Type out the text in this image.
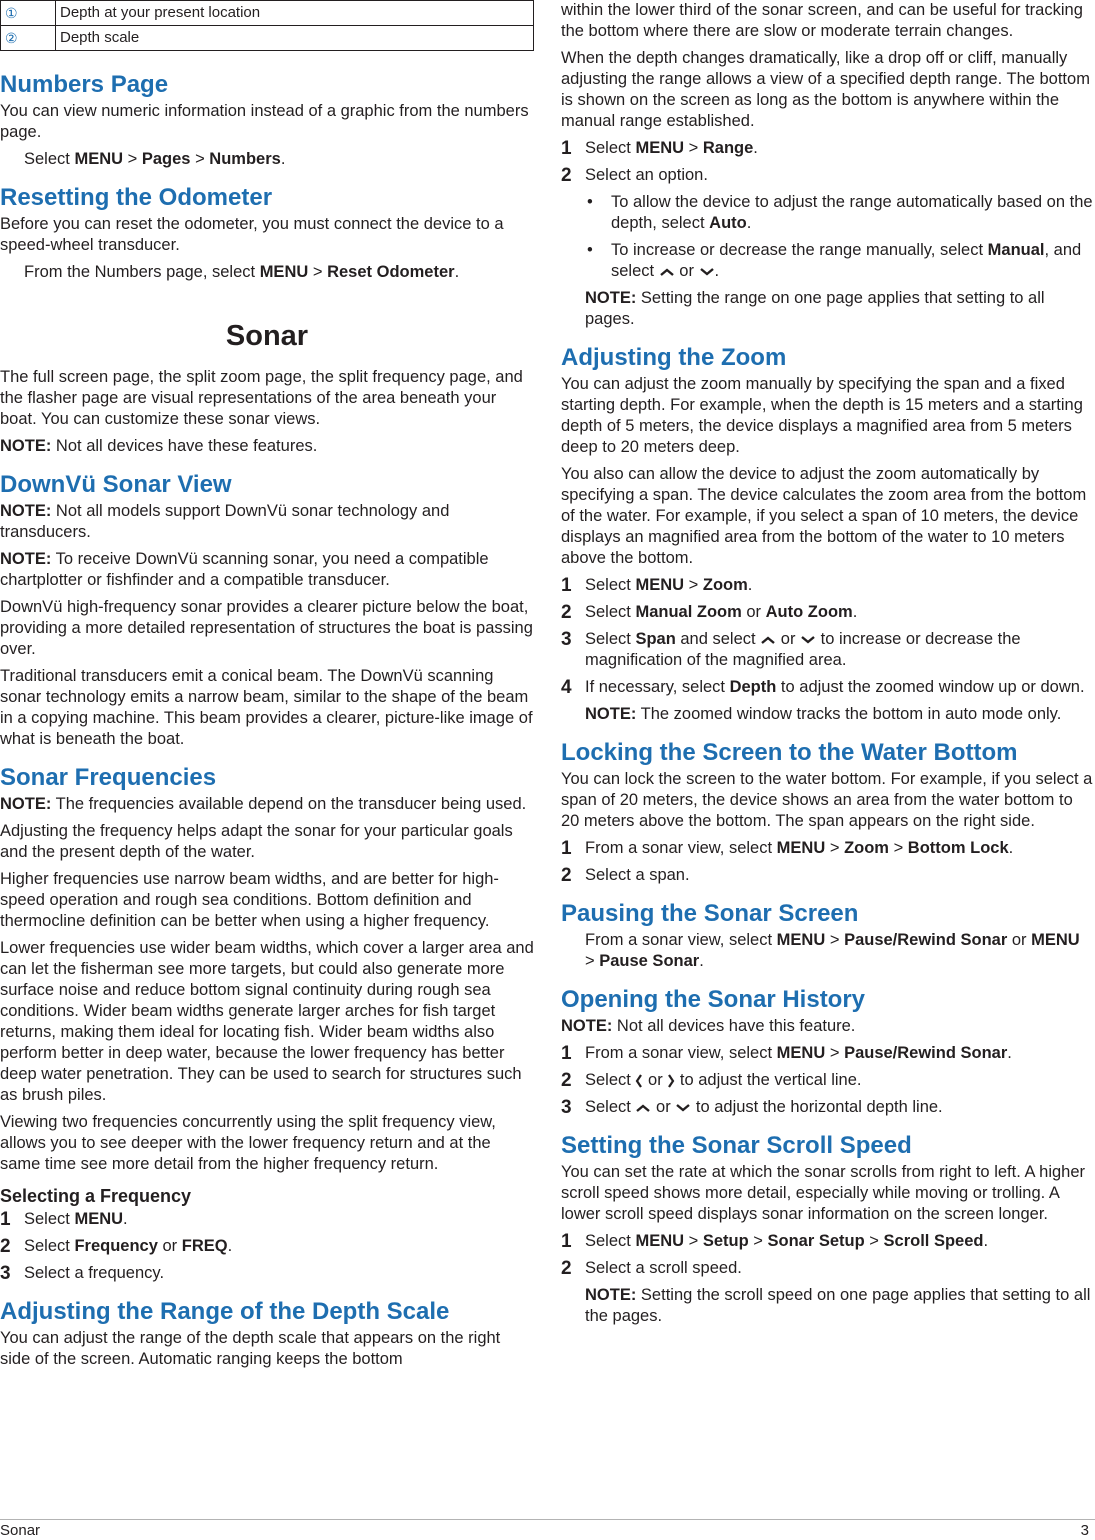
①	Depth at your present location
②	Depth scale
Numbers Page

You can view numeric information instead of a graphic from the numbers page.

Select MENU > Pages > Numbers.

Resetting the Odometer

Before you can reset the odometer, you must connect the device to a speed-wheel transducer.

From the Numbers page, select MENU > Reset Odometer.

Sonar

The full screen page, the split zoom page, the split frequency page, and the flasher page are visual representations of the area beneath your boat. You can customize these sonar views.

NOTE: Not all devices have these features.

DownVü Sonar View

NOTE: Not all models support DownVü sonar technology and transducers.

NOTE: To receive DownVü scanning sonar, you need a compatible chartplotter or fishfinder and a compatible transducer.

DownVü high-frequency sonar provides a clearer picture below the boat, providing a more detailed representation of structures the boat is passing over.

Traditional transducers emit a conical beam. The DownVü scanning sonar technology emits a narrow beam, similar to the shape of the beam in a copying machine. This beam provides a clearer, picture-like image of what is beneath the boat.

Sonar Frequencies

NOTE: The frequencies available depend on the transducer being used.

Adjusting the frequency helps adapt the sonar for your particular goals and the present depth of the water.

Higher frequencies use narrow beam widths, and are better for high-speed operation and rough sea conditions. Bottom definition and thermocline definition can be better when using a higher frequency.

Lower frequencies use wider beam widths, which cover a larger area and can let the fisherman see more targets, but could also generate more surface noise and reduce bottom signal continuity during rough sea conditions. Wider beam widths generate larger arches for fish target returns, making them ideal for locating fish. Wider beam widths also perform better in deep water, because the lower frequency has better deep water penetration. They can be used to search for structures such as brush piles.

Viewing two frequencies concurrently using the split frequency view, allows you to see deeper with the lower frequency return and at the same time see more detail from the higher frequency return.

Selecting a Frequency
1 Select MENU.
2 Select Frequency or FREQ.
3 Select a frequency.
Adjusting the Range of the Depth Scale

You can adjust the range of the depth scale that appears on the right side of the screen. Automatic ranging keeps the bottom

within the lower third of the sonar screen, and can be useful for tracking the bottom where there are slow or moderate terrain changes.

When the depth changes dramatically, like a drop off or cliff, manually adjusting the range allows a view of a specified depth range. The bottom is shown on the screen as long as the bottom is anywhere within the manual range established.

1 Select MENU > Range.
2 Select an option.
•	To allow the device to adjust the range automatically based on the depth, select Auto.
•	To increase or decrease the range manually, select Manual, and select  or .

NOTE: Setting the range on one page applies that setting to all pages.

Adjusting the Zoom

You can adjust the zoom manually by specifying the span and a fixed starting depth. For example, when the depth is 15 meters and a starting depth of 5 meters, the device displays a magnified area from 5 meters deep to 20 meters deep.

You also can allow the device to adjust the zoom automatically by specifying a span. The device calculates the zoom area from the bottom of the water. For example, if you select a span of 10 meters, the device displays an magnified area from the bottom of the water to 10 meters above the bottom.

1 Select MENU > Zoom.
2 Select Manual Zoom or Auto Zoom.
3 Select Span and select  or  to increase or decrease the magnification of the magnified area.
4 If necessary, select Depth to adjust the zoomed window up or down.

NOTE: The zoomed window tracks the bottom in auto mode only.

Locking the Screen to the Water Bottom

You can lock the screen to the water bottom. For example, if you select a span of 20 meters, the device shows an area from the water bottom to 20 meters above the bottom. The span appears on the right side.

1 From a sonar view, select MENU > Zoom > Bottom Lock.
2 Select a span.
Pausing the Sonar Screen

From a sonar view, select MENU > Pause/Rewind Sonar or MENU > Pause Sonar.

Opening the Sonar History

NOTE: Not all devices have this feature.

1 From a sonar view, select MENU > Pause/Rewind Sonar.
2 Select  or  to adjust the vertical line.
3 Select  or  to adjust the horizontal depth line.
Setting the Sonar Scroll Speed

You can set the rate at which the sonar scrolls from right to left. A higher scroll speed shows more detail, especially while moving or trolling. A lower scroll speed displays sonar information on the screen longer.

1 Select MENU > Setup > Sonar Setup > Scroll Speed.
2 Select a scroll speed.

NOTE: Setting the scroll speed on one page applies that setting to all the pages.

Sonar	3
